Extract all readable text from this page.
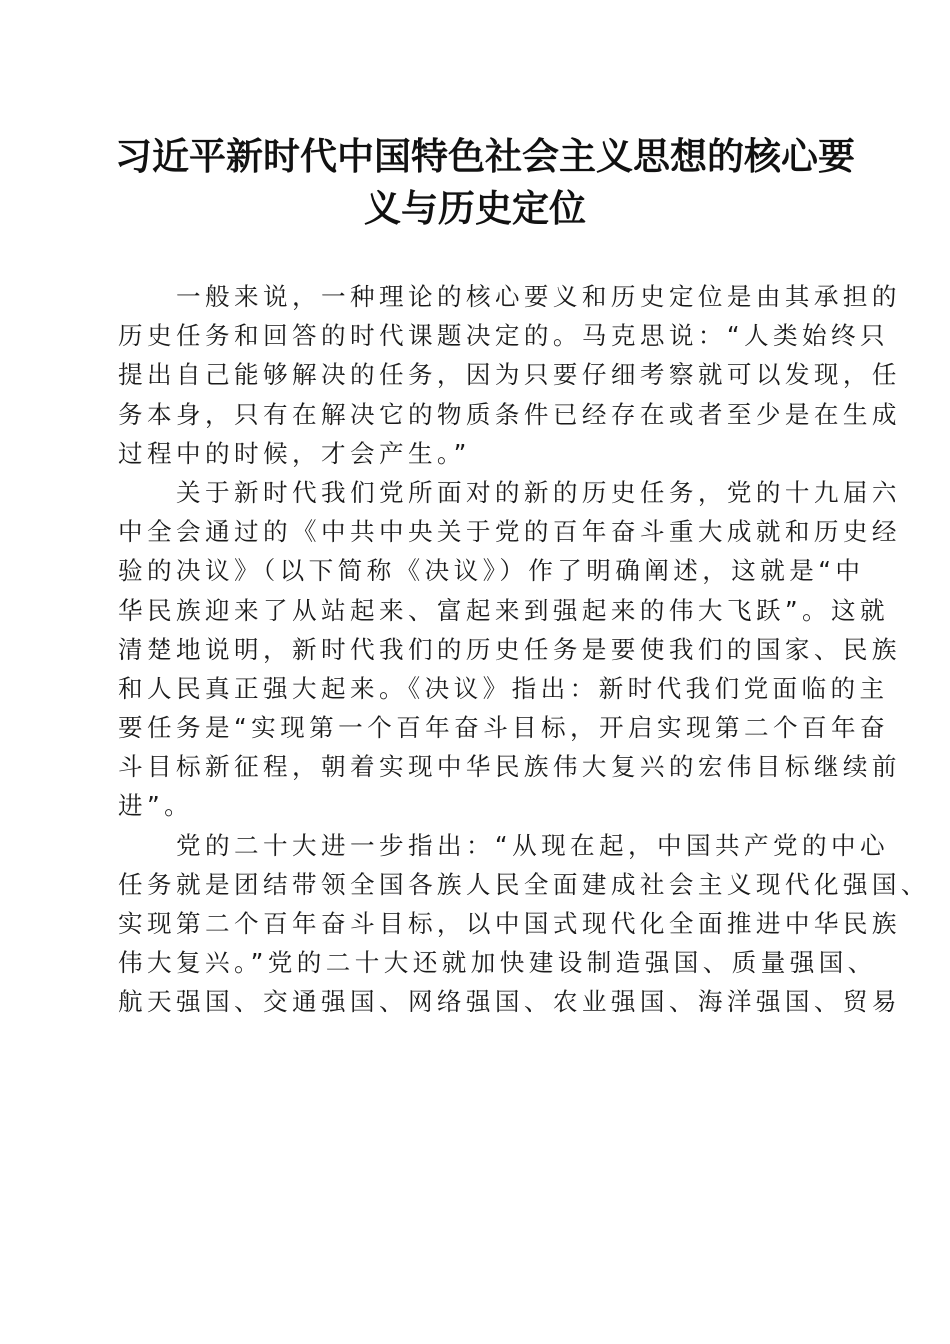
习近平新时代中国特色社会主义思想的核心要
义与历史定位
一般来说，一种理论的核心要义和历史定位是由其承担的
历史任务和回答的时代课题决定的。马克思说：“人类始终只
提出自己能够解决的任务，因为只要仔细考察就可以发现，任
务本身，只有在解决它的物质条件已经存在或者至少是在生成
过程中的时候，才会产生。”
关于新时代我们党所面对的新的历史任务，党的十九届六
中全会通过的《中共中央关于党的百年奋斗重大成就和历史经
验的决议》（以下简称《决议》）作了明确阐述，这就是“中
华民族迎来了从站起来、富起来到强起来的伟大飞跃”。这就
清楚地说明，新时代我们的历史任务是要使我们的国家、民族
和人民真正强大起来。《决议》指出：新时代我们党面临的主
要任务是“实现第一个百年奋斗目标，开启实现第二个百年奋
斗目标新征程，朝着实现中华民族伟大复兴的宏伟目标继续前
进”。
党的二十大进一步指出：“从现在起，中国共产党的中心
任务就是团结带领全国各族人民全面建成社会主义现代化强国、
实现第二个百年奋斗目标，以中国式现代化全面推进中华民族
伟大复兴。”党的二十大还就加快建设制造强国、质量强国、
航天强国、交通强国、网络强国、农业强国、海洋强国、贸易
